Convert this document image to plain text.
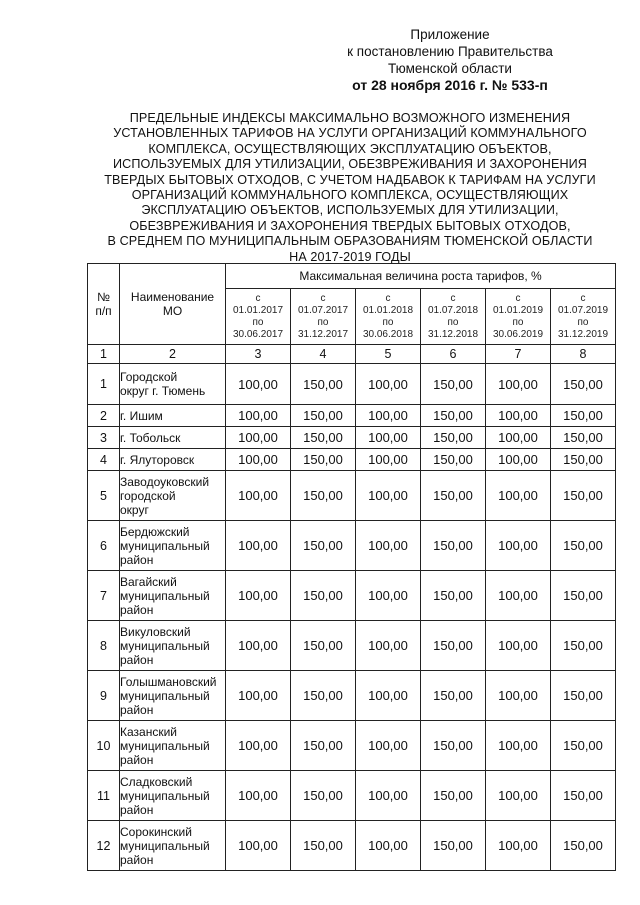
Приложение
к постановлению Правительства
Тюменской области
от 28 ноября 2016 г. № 533-п
ПРЕДЕЛЬНЫЕ ИНДЕКСЫ МАКСИМАЛЬНО ВОЗМОЖНОГО ИЗМЕНЕНИЯ
УСТАНОВЛЕННЫХ ТАРИФОВ НА УСЛУГИ ОРГАНИЗАЦИЙ КОММУНАЛЬНОГО
КОМПЛЕКСА, ОСУЩЕСТВЛЯЮЩИХ ЭКСПЛУАТАЦИЮ ОБЪЕКТОВ,
ИСПОЛЬЗУЕМЫХ ДЛЯ УТИЛИЗАЦИИ, ОБЕЗВРЕЖИВАНИЯ И ЗАХОРОНЕНИЯ
ТВЕРДЫХ БЫТОВЫХ ОТХОДОВ, С УЧЕТОМ НАДБАВОК К ТАРИФАМ НА УСЛУГИ
ОРГАНИЗАЦИЙ КОММУНАЛЬНОГО КОМПЛЕКСА, ОСУЩЕСТВЛЯЮЩИХ
ЭКСПЛУАТАЦИЮ ОБЪЕКТОВ, ИСПОЛЬЗУЕМЫХ ДЛЯ УТИЛИЗАЦИИ,
ОБЕЗВРЕЖИВАНИЯ И ЗАХОРОНЕНИЯ ТВЕРДЫХ БЫТОВЫХ ОТХОДОВ,
В СРЕДНЕМ ПО МУНИЦИПАЛЬНЫМ ОБРАЗОВАНИЯМ ТЮМЕНСКОЙ ОБЛАСТИ
НА 2017-2019 ГОДЫ
№
п/п	Наименование
МО	Максимальная величина роста тарифов, %					
		с
01.01.2017
по
30.06.2017	с
01.07.2017
по
31.12.2017	с
01.01.2018
по
30.06.2018	с
01.07.2018
по
31.12.2018	с
01.01.2019
по
30.06.2019	с
01.07.2019
по
31.12.2019
1	2	3	4	5	6	7	8
1	Городской
округ г. Тюмень	100,00	150,00	100,00	150,00	100,00	150,00
2	г. Ишим	100,00	150,00	100,00	150,00	100,00	150,00
3	г. Тобольск	100,00	150,00	100,00	150,00	100,00	150,00
4	г. Ялуторовск	100,00	150,00	100,00	150,00	100,00	150,00
5	Заводоуковский
городской
округ	100,00	150,00	100,00	150,00	100,00	150,00
6	Бердюжский
муниципальный
район	100,00	150,00	100,00	150,00	100,00	150,00
7	Вагайский
муниципальный
район	100,00	150,00	100,00	150,00	100,00	150,00
8	Викуловский
муниципальный
район	100,00	150,00	100,00	150,00	100,00	150,00
9	Голышмановский
муниципальный
район	100,00	150,00	100,00	150,00	100,00	150,00
10	Казанский
муниципальный
район	100,00	150,00	100,00	150,00	100,00	150,00
11	Сладковский
муниципальный
район	100,00	150,00	100,00	150,00	100,00	150,00
12	Сорокинский
муниципальный
район	100,00	150,00	100,00	150,00	100,00	150,00
